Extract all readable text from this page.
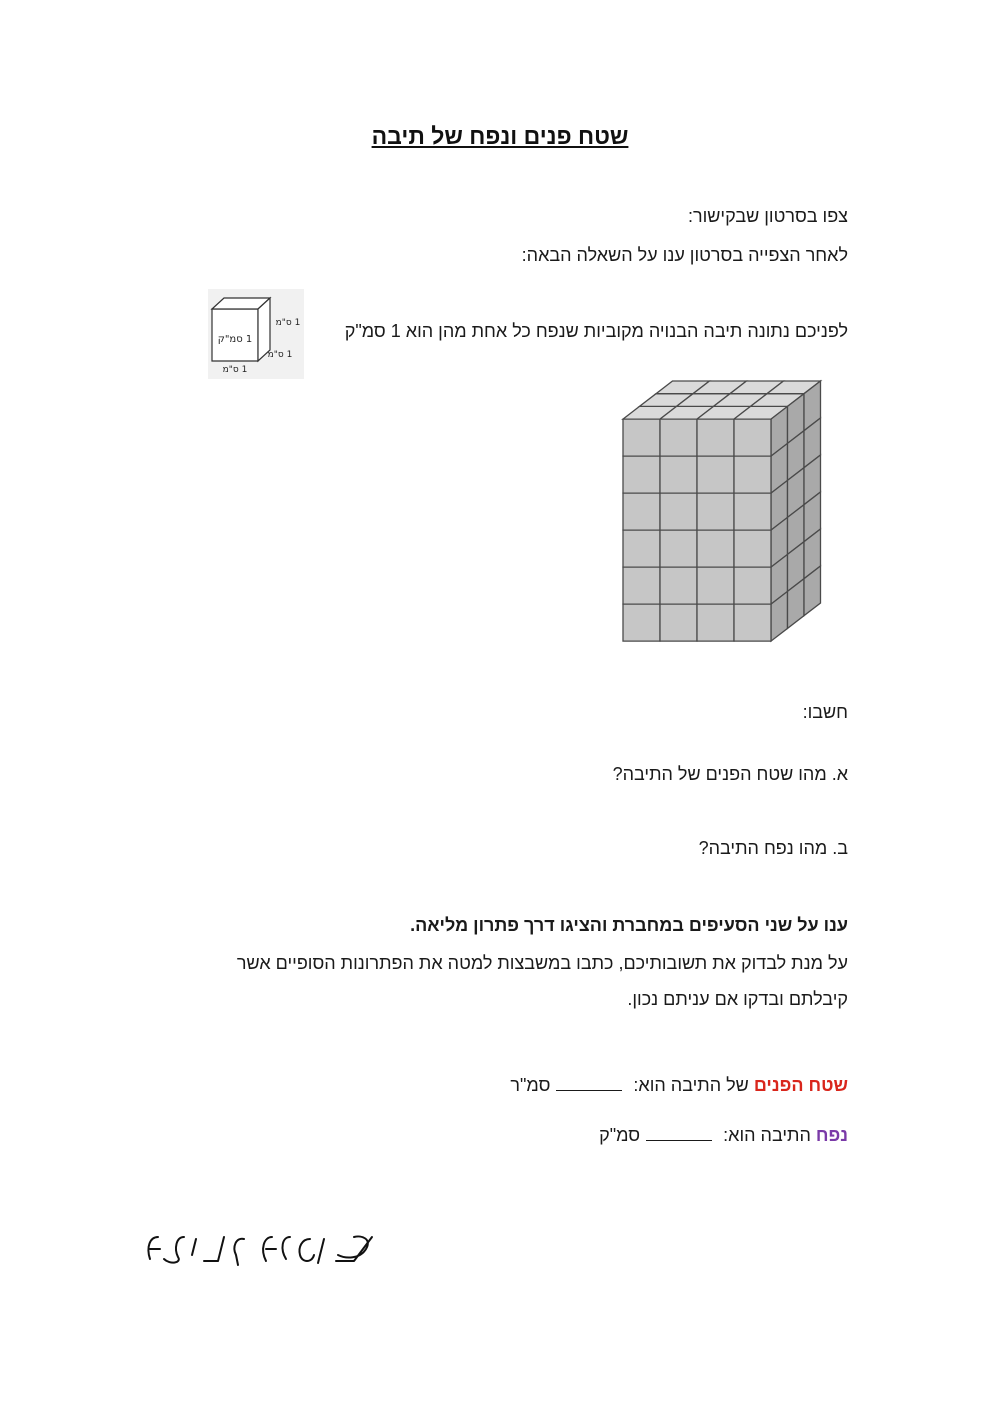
שטח פנים ונפח של תיבה
צפו בסרטון שבקישור:
לאחר הצפייה בסרטון ענו על השאלה הבאה:
לפניכם נתונה תיבה הבנויה מקוביות שנפח כל אחת מהן הוא 1 סמ"ק
1 סמ"ק
1 ס"מ
1 ס"מ
1 ס"מ
חשבו:
א. מהו שטח הפנים של התיבה?
ב. מהו נפח התיבה?
ענו על שני הסעיפים במחברת והציגו דרך פתרון מליאה.
על מנת לבדוק את תשובותיכם, כתבו במשבצות למטה את הפתרונות הסופיים אשר קיבלתם ובדקו אם עניתם נכון.
שטח הפנים של התיבה הוא: סמ"ר
נפח התיבה הוא: סמ"ק
